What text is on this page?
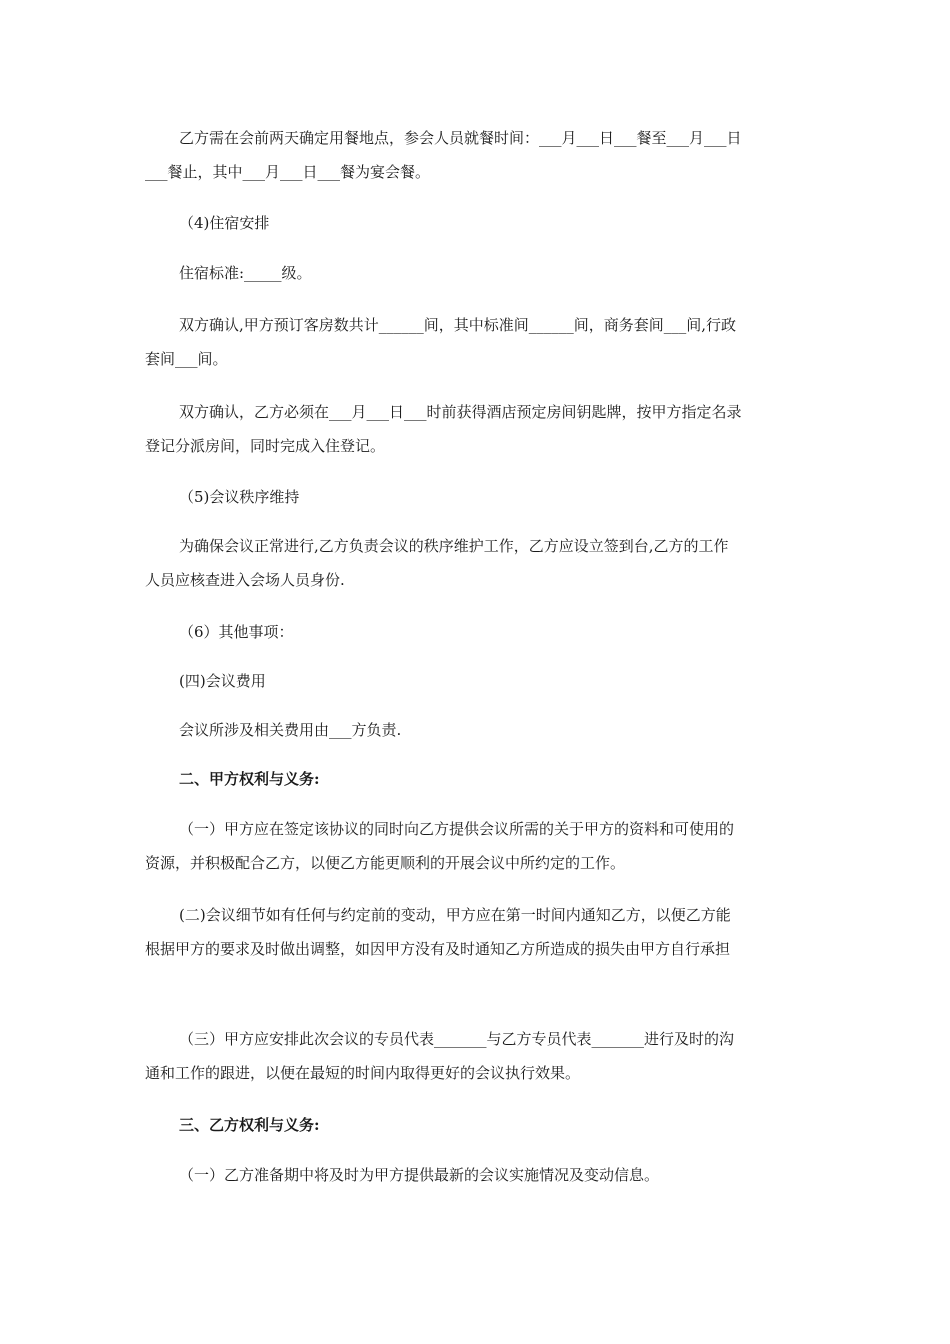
乙方需在会前两天确定用餐地点，参会人员就餐时间：___月___日___餐至___月___日
___餐止，其中___月___日___餐为宴会餐。
（4)住宿安排
住宿标准:_____级。
双方确认,甲方预订客房数共计______间，其中标准间______间，商务套间___间,行政
套间___间。
双方确认，乙方必须在___月___日___时前获得酒店预定房间钥匙牌，按甲方指定名录
登记分派房间，同时完成入住登记。
（5)会议秩序维持
为确保会议正常进行,乙方负责会议的秩序维护工作，乙方应设立签到台,乙方的工作
人员应核查进入会场人员身份.
（6）其他事项：
(四)会议费用
会议所涉及相关费用由___方负责.
二、甲方权利与义务:
（一）甲方应在签定该协议的同时向乙方提供会议所需的关于甲方的资料和可使用的
资源，并积极配合乙方，以便乙方能更顺利的开展会议中所约定的工作。
(二)会议细节如有任何与约定前的变动，甲方应在第一时间内通知乙方，以便乙方能
根据甲方的要求及时做出调整，如因甲方没有及时通知乙方所造成的损失由甲方自行承担
（三）甲方应安排此次会议的专员代表_______与乙方专员代表_______进行及时的沟
通和工作的跟进，以便在最短的时间内取得更好的会议执行效果。
三、乙方权利与义务:
（一）乙方准备期中将及时为甲方提供最新的会议实施情况及变动信息。
